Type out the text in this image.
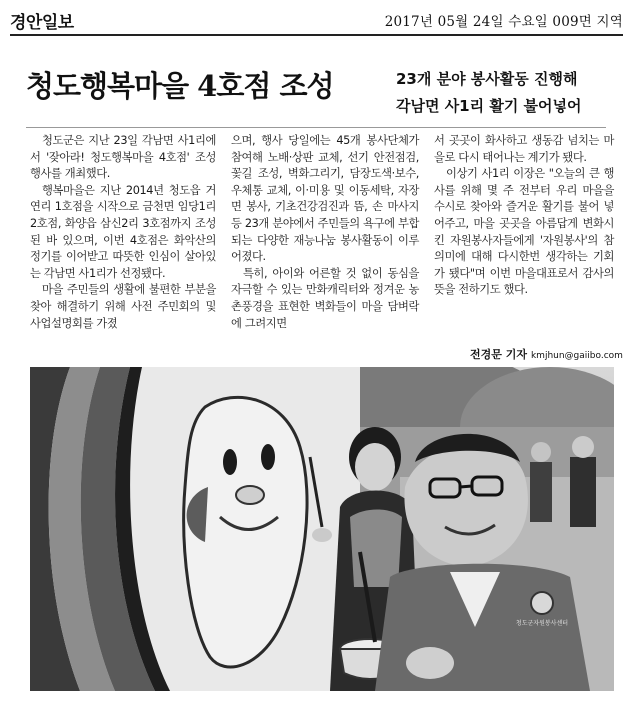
경안일보	2017년 05월 24일 수요일 009면 지역
청도행복마을 4호점 조성	23개 분야 봉사활동 진행해
각남면 사1리 활기 불어넣어

청도군은 지난 23일 각남면 사1리에서 '잦아라! 청도행복마을 4호점' 조성 행사를 개최했다.

행복마을은 지난 2014년 청도읍 거연리 1호점을 시작으로 금천면 임당1리 2호점, 화양읍 삼신2리 3호점까지 조성된 바 있으며, 이번 4호점은 화악산의 정기를 이어받고 따뜻한 인심이 살아있는 각남면 사1리가 선정됐다.

마을 주민들의 생활에 불편한 부분을 찾아 해결하기 위해 사전 주민회의 및 사업설명회를 가졌

으며, 행사 당일에는 45개 봉사단체가 참여해 노배·상판 교체, 선기 안전점검, 꽃길 조성, 벽화그리기, 담장도색·보수, 우체통 교체, 이·미용 및 이동세탁, 자장면 봉사, 기초건강검진과 뜸, 손 마사지 등 23개 분야에서 주민들의 욕구에 부합되는 다양한 재능나눔 봉사활동이 이루어졌다.

특히, 아이와 어른할 것 없이 동심을 자극할 수 있는 만화캐릭터와 정겨운 농촌풍경을 표현한 벽화들이 마을 담벼락에 그려지면

서 곳곳이 화사하고 생동감 넘치는 마을로 다시 태어나는 계기가 됐다.

이상기 사1리 이장은 "오늘의 큰 행사를 위해 몇 주 전부터 우리 마을을 수시로 찾아와 즐거운 활기를 불어 넣어주고, 마을 곳곳을 아름답게 변화시킨 자원봉사자들에게 '자원봉사'의 참의미에 대해 다시한번 생각하는 기회가 됐다"며 이번 마을대표로서 감사의 뜻을 전하기도 했다.

전경문 기자 kmjhun@gaiibo.com
청도군자원봉사센터
